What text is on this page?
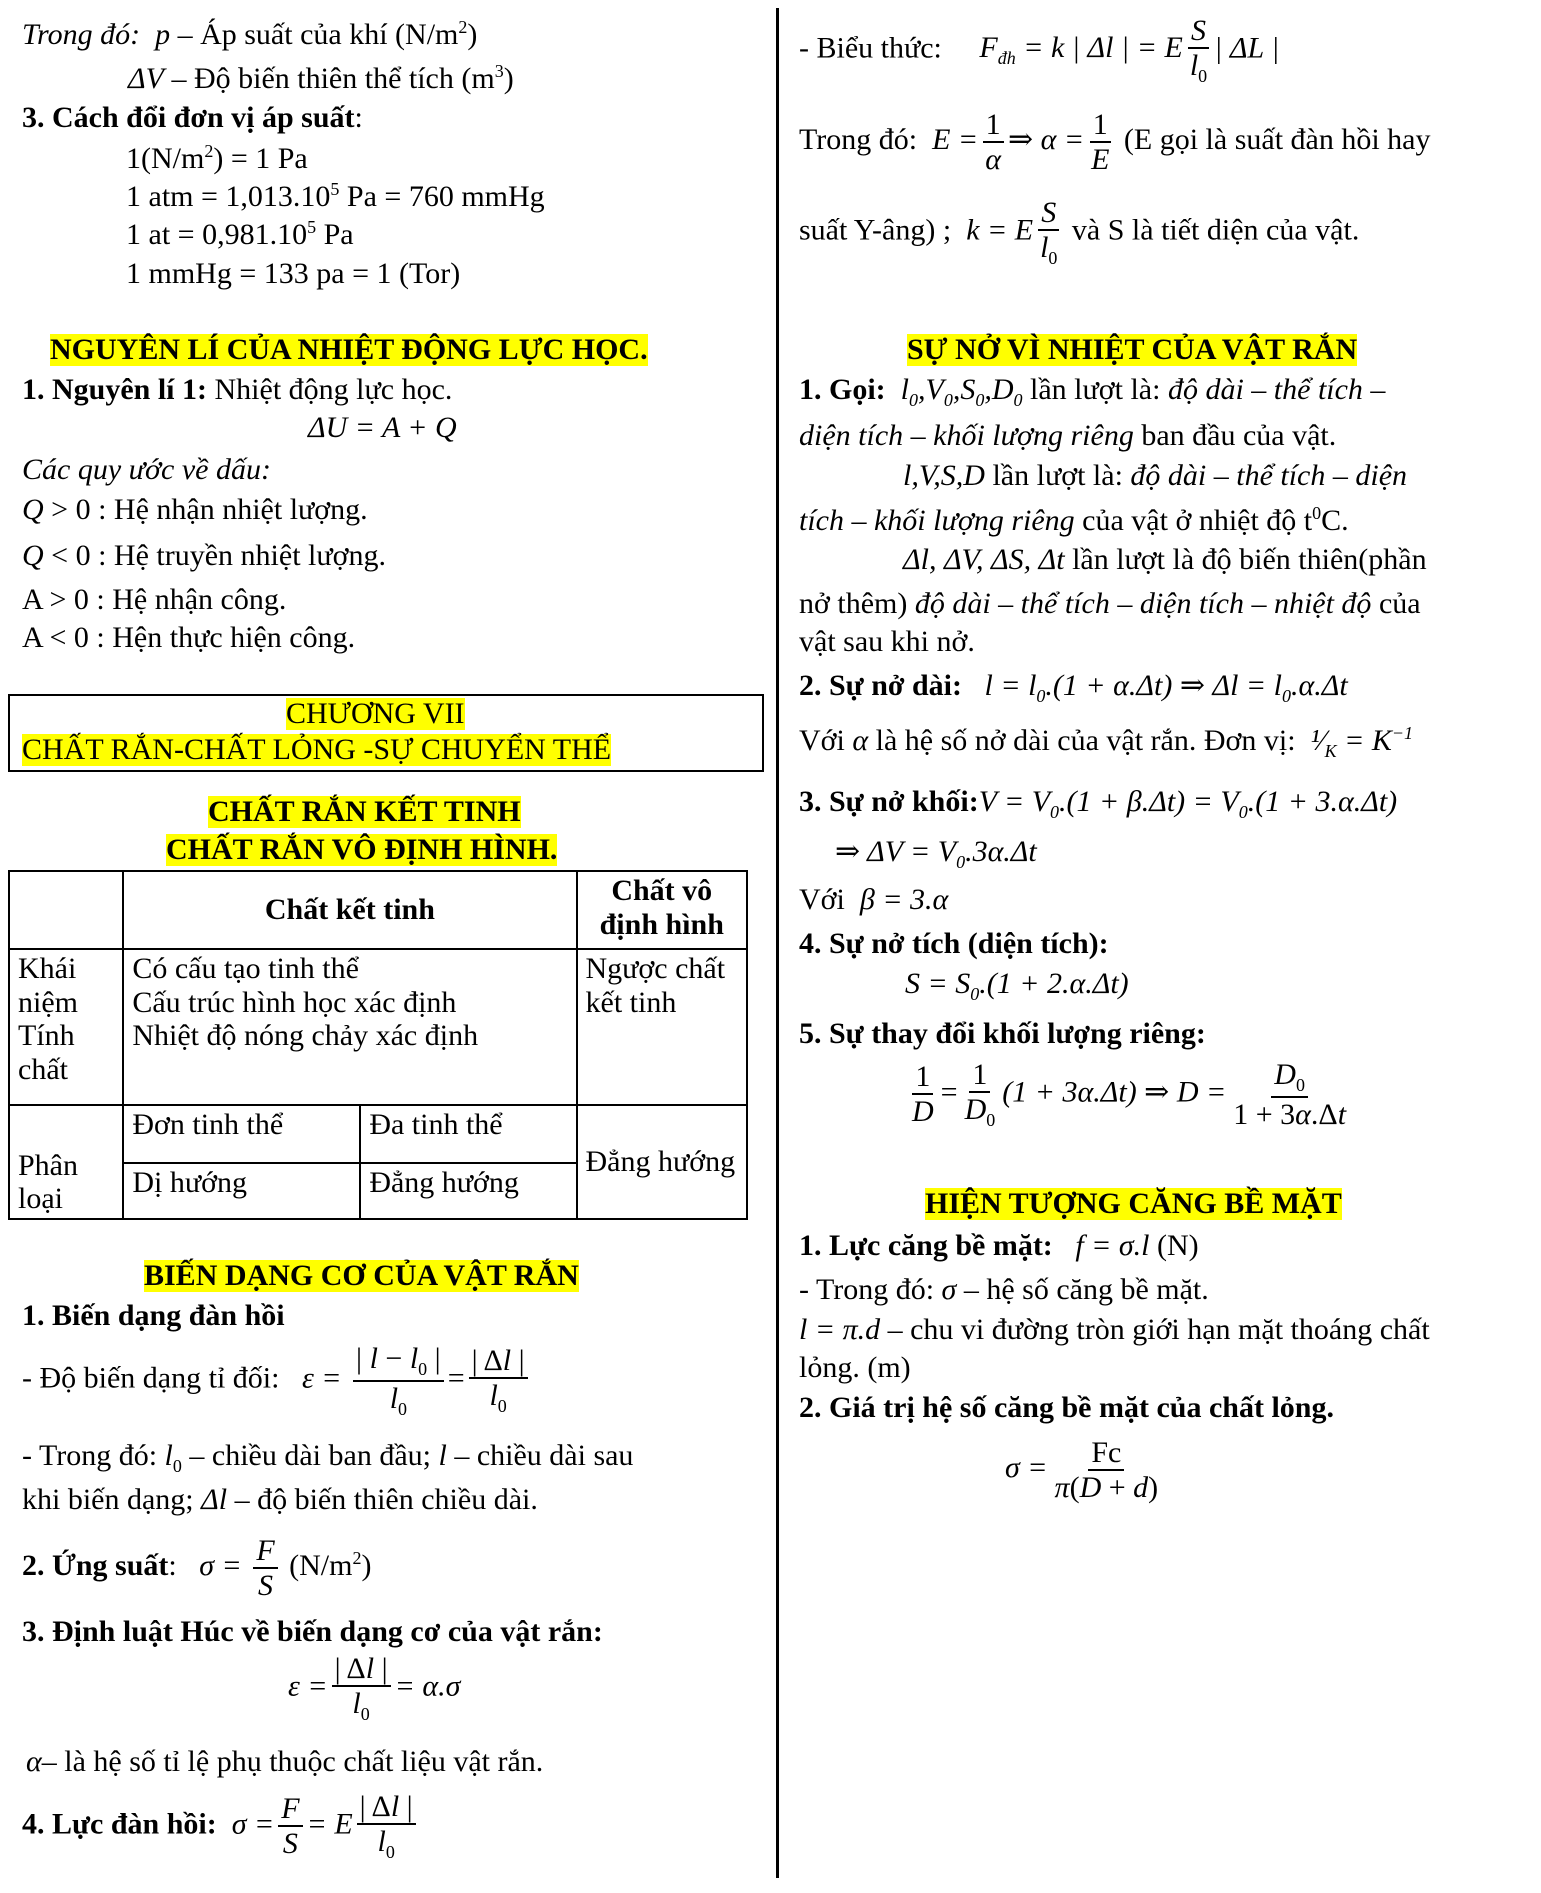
Trong đó: p – Áp suất của khí $(N/m^2)$
ΔV – Độ biến thiên thể tích $(m^3)$
3. Cách đổi đơn vị áp suất:
$1(N/m^2) = 1$ Pa
1 atm = $1,013.10^5$ Pa = 760 mmHg
1 at = $0,981.10^5$ Pa
1 mmHg = 133 pa = 1 (Tor)
NGUYÊN LÍ CỦA NHIỆT ĐỘNG LỰC HỌC.
1. Nguyên lí 1: Nhiệt động lực học.
ΔU = A + Q
Các quy ước về dấu:
Q > 0 : Hệ nhận nhiệt lượng.
Q < 0 : Hệ truyền nhiệt lượng.
A > 0 : Hệ nhận công.
A < 0 : Hện thực hiện công.
CHƯƠNG VII
CHẤT RẮN-CHẤT LỎNG -SỰ CHUYỂN THỂ
CHẤT RẮN KẾT TINH
CHẤT RẮN VÔ ĐỊNH HÌNH.
	Chất kết tinh		Chất vô
định hình
Khái
niệm
Tính
chất	Có cấu tạo tinh thể
Cấu trúc hình học xác định
Nhiệt độ nóng chảy xác định		Ngược chất
kết tinh
Phân
loại	Đơn tinh thể	Đa tinh thể	Đẳng hướng
	Dị hướng	Đẳng hướng	
BIẾN DẠNG CƠ CỦA VẬT RẮN
1. Biến dạng đàn hồi
- Độ biến dạng tỉ đối:   $\varepsilon = \frac{| l - l_0 |}{l_0} = \frac{| \Delta l |}{l_0}$
- Trong đó: $l_0$ – chiều dài ban đầu; l – chiều dài sau
khi biến dạng; Δl – độ biến thiên chiều dài.
2. Ứng suất:   $\sigma = \frac{F}{S} (N/m^2)$
3. Định luật Húc về biến dạng cơ của vật rắn:
$\varepsilon = \frac{| \Delta l |}{l_0} = \alpha.\sigma$
α– là hệ số tỉ lệ phụ thuộc chất liệu vật rắn.
4. Lực đàn hồi:  $\sigma = \frac{F}{S} = E \frac{| \Delta l |}{l_0}$
- Biểu thức:     $F_{đh} = k$ | Δl | = E $\frac{S}{l_0}$ | ΔL |
Trong đó:  $E = \frac{1}{\alpha}$ ⇒ $\alpha = \frac{1}{E} (E$ gọi là suất đàn hồi hay
suất Y-âng) ;  k = E $\frac{S}{l_0}$ và S là tiết diện của vật.
SỰ NỞ VÌ NHIỆT CỦA VẬT RẮN
1. Gọi:  $l_0,V_0,S_0,D_0$ lần lượt là: độ dài – thể tích –
diện tích – khối lượng riêng ban đầu của vật.
l,V,S,D lần lượt là: độ dài – thể tích – diện
tích – khối lượng riêng của vật ở nhiệt độ $t^0C$.
Δl, ΔV, ΔS, Δt lần lượt là độ biến thiên(phần
nở thêm) độ dài – thể tích – diện tích – nhiệt độ của
vật sau khi nở.
2. Sự nở dài:   $l = l_0.(1 + \alpha.\Delta t)$ ⇒ $\Delta l = l_0.\alpha.\Delta t$
Với α là hệ số nở dài của vật rắn. Đơn vị:  $^1⁄_K = K^{-1}$
3. Sự nở khối:V = $V_0.(1 + \beta.\Delta t) = V_0.(1 + 3.\alpha.\Delta t)$
⇒ $\Delta V = V_0.3\alpha.\Delta t$
Với  β = 3.α
4. Sự nở tích (diện tích):
$S = S_0.(1 + 2.\alpha.\Delta t)$
5. Sự thay đổi khối lượng riêng:
$\frac{1}{D} = \frac{1}{D_0} (1 + 3\alpha.\Delta t)$ ⇒ $D = \frac{D_0}{1 + 3\alpha.\Delta t}$
HIỆN TƯỢNG CĂNG BỀ MẶT
1. Lực căng bề mặt:   f = σ.l (N)
- Trong đó: σ – hệ số căng bề mặt.
l = π.d – chu vi đường tròn giới hạn mặt thoáng chất
lỏng. (m)
2. Giá trị hệ số căng bề mặt của chất lỏng.
$\sigma = \frac{Fc}{\pi(D + d)}$
